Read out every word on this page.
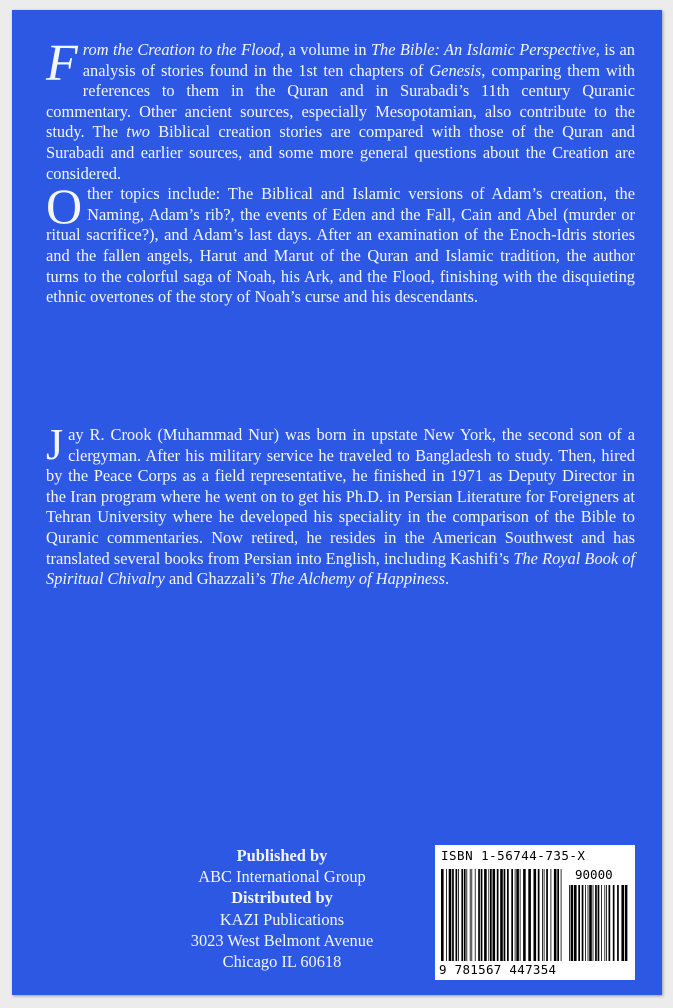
From the Creation to the Flood, a volume in The Bible: An Islamic Perspective, is an analysis of stories found in the 1st ten chapters of Genesis, comparing them with references to them in the Quran and in Surabadi’s 11th century Quranic commentary. Other ancient sources, especially Mesopotamian, also contribute to the study. The two Biblical creation stories are compared with those of the Quran and Surabadi and earlier sources, and some more general questions about the Creation are considered.

Other topics include: The Biblical and Islamic versions of Adam’s creation, the Naming, Adam’s rib?, the events of Eden and the Fall, Cain and Abel (murder or ritual sacrifice?), and Adam’s last days. After an examination of the Enoch-Idris stories and the fallen angels, Harut and Marut of the Quran and Islamic tradition, the author turns to the colorful saga of Noah, his Ark, and the Flood, finishing with the disquieting ethnic overtones of the story of Noah’s curse and his descendants.

Jay R. Crook (Muhammad Nur) was born in upstate New York, the second son of a clergyman. After his military service he traveled to Bangladesh to study. Then, hired by the Peace Corps as a field representative, he finished in 1971 as Deputy Director in the Iran program where he went on to get his Ph.D. in Persian Literature for Foreigners at Tehran University where he developed his speciality in the comparison of the Bible to Quranic commentaries. Now retired, he resides in the American Southwest and has translated several books from Persian into English, including Kashifi’s The Royal Book of Spiritual Chivalry and Ghazzali’s The Alchemy of Happiness.

Published by
ABC International Group
Distributed by
KAZI Publications
3023 West Belmont Avenue
Chicago IL 60618
ISBN 1-56744-735-X
90000
9 781567 447354
